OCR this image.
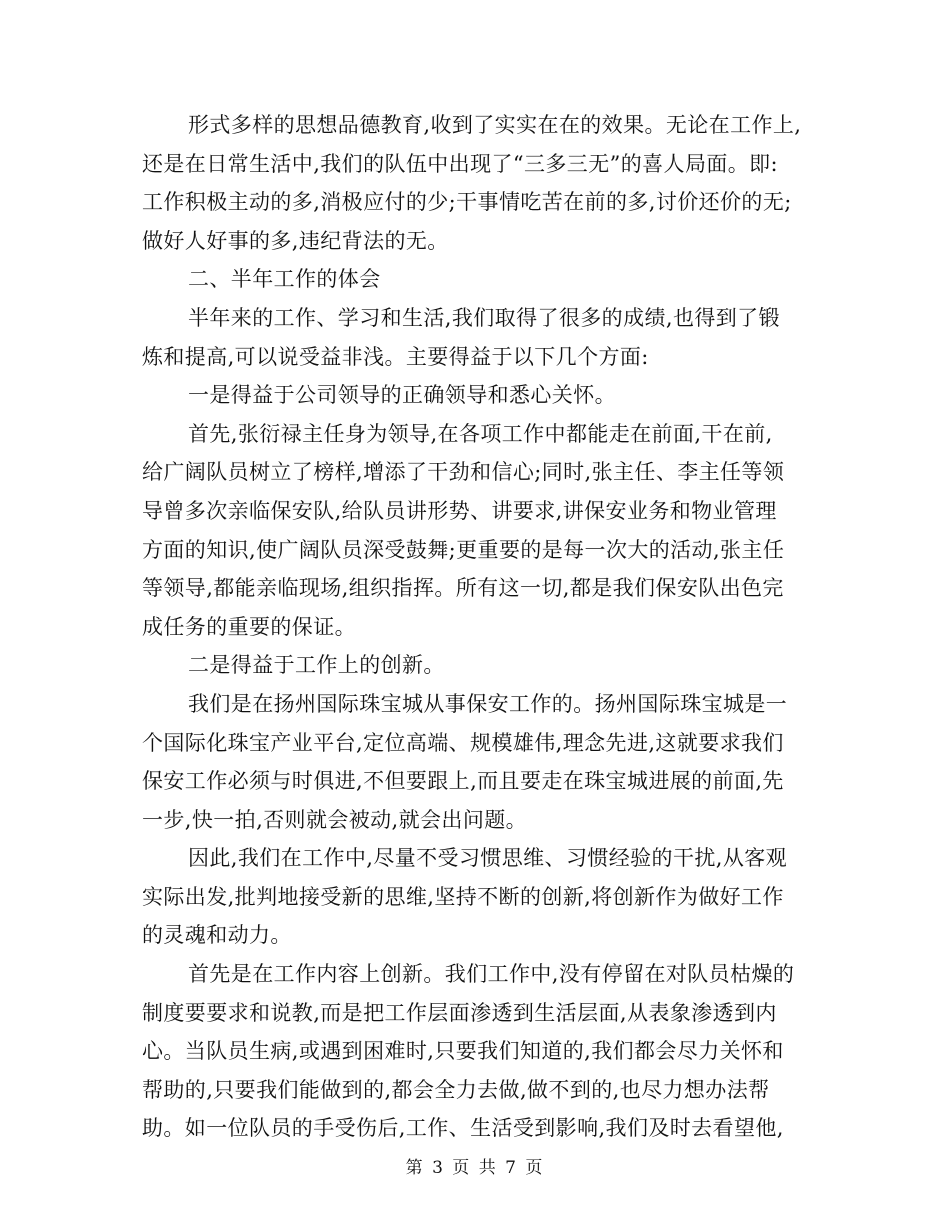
形式多样的思想品德教育,收到了实实在在的效果。无论在工作上,
还是在日常生活中,我们的队伍中出现了“三多三无”的喜人局面。即:
工作积极主动的多,消极应付的少;干事情吃苦在前的多,讨价还价的无;
做好人好事的多,违纪背法的无。
二、半年工作的体会
半年来的工作、学习和生活,我们取得了很多的成绩,也得到了锻
炼和提高,可以说受益非浅。主要得益于以下几个方面:
一是得益于公司领导的正确领导和悉心关怀。
首先,张衍禄主任身为领导,在各项工作中都能走在前面,干在前,
给广阔队员树立了榜样,增添了干劲和信心;同时,张主任、李主任等领
导曾多次亲临保安队,给队员讲形势、讲要求,讲保安业务和物业管理
方面的知识,使广阔队员深受鼓舞;更重要的是每一次大的活动,张主任
等领导,都能亲临现场,组织指挥。所有这一切,都是我们保安队出色完
成任务的重要的保证。
二是得益于工作上的创新。
我们是在扬州国际珠宝城从事保安工作的。扬州国际珠宝城是一
个国际化珠宝产业平台,定位高端、规模雄伟,理念先进,这就要求我们
保安工作必须与时俱进,不但要跟上,而且要走在珠宝城进展的前面,先
一步,快一拍,否则就会被动,就会出问题。
因此,我们在工作中,尽量不受习惯思维、习惯经验的干扰,从客观
实际出发,批判地接受新的思维,坚持不断的创新,将创新作为做好工作
的灵魂和动力。
首先是在工作内容上创新。我们工作中,没有停留在对队员枯燥的
制度要要求和说教,而是把工作层面渗透到生活层面,从表象渗透到内
心。当队员生病,或遇到困难时,只要我们知道的,我们都会尽力关怀和
帮助的,只要我们能做到的,都会全力去做,做不到的,也尽力想办法帮
助。如一位队员的手受伤后,工作、生活受到影响,我们及时去看望他,
第 3 页 共 7 页
